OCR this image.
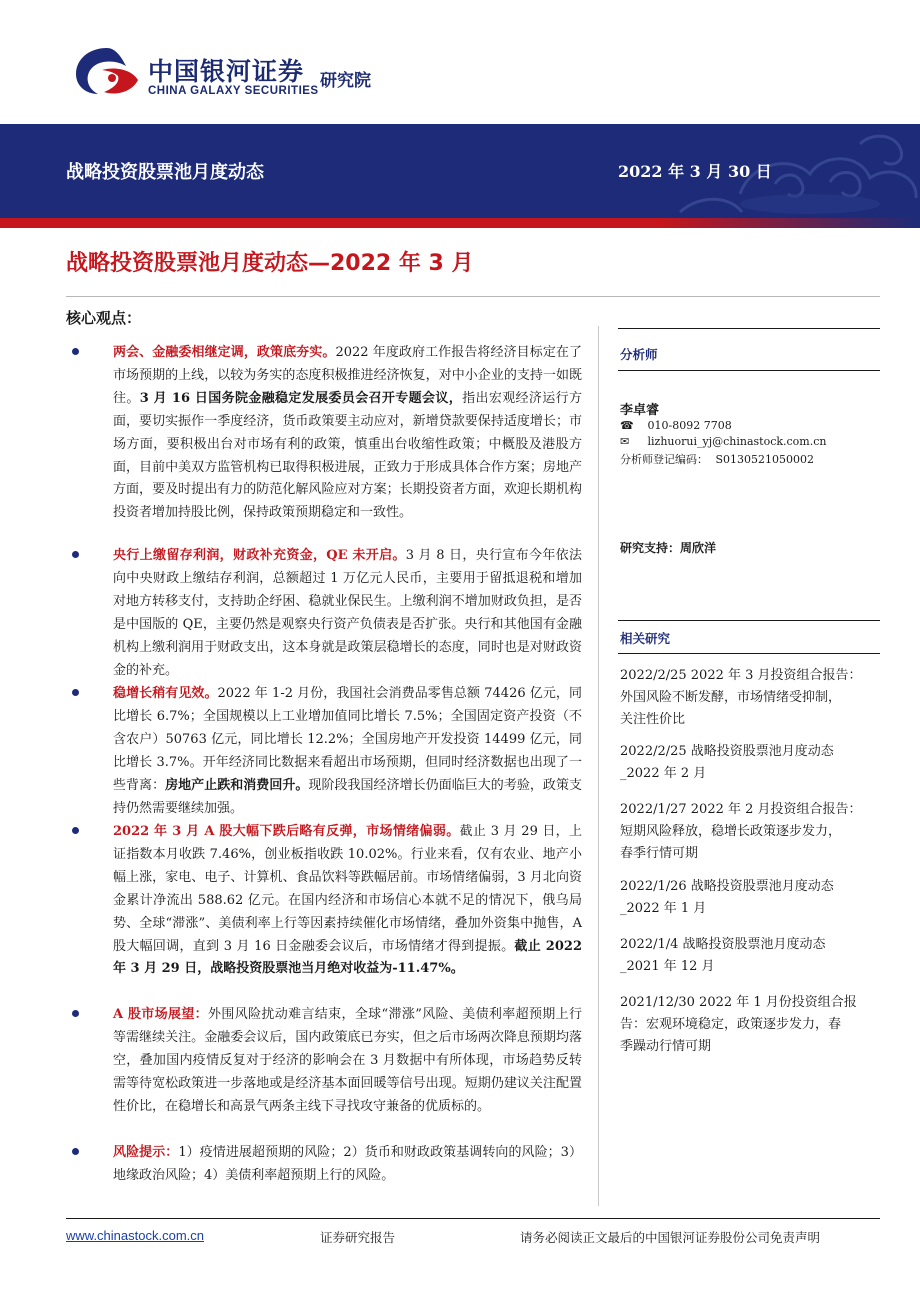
中国银河证券
CHINA GALAXY SECURITIES 研究院
战略投资股票池月度动态	2022 年 3 月 30 日
战略投资股票池月度动态—2022 年 3 月
核心观点：
两会、金融委相继定调，政策底夯实。2022 年度政府工作报告将经济目标定在了市场预期的上线，以较为务实的态度积极推进经济恢复，对中小企业的支持一如既往。3 月 16 日国务院金融稳定发展委员会召开专题会议，指出宏观经济运行方面，要切实振作一季度经济，货币政策要主动应对，新增贷款要保持适度增长；市场方面，要积极出台对市场有利的政策，慎重出台收缩性政策；中概股及港股方面，目前中美双方监管机构已取得积极进展，正致力于形成具体合作方案；房地产方面，要及时提出有力的防范化解风险应对方案；长期投资者方面，欢迎长期机构投资者增加持股比例，保持政策预期稳定和一致性。
央行上缴留存利润，财政补充资金，QE 未开启。3 月 8 日，央行宣布今年依法向中央财政上缴结存利润，总额超过 1 万亿元人民币，主要用于留抵退税和增加对地方转移支付，支持助企纾困、稳就业保民生。上缴利润不增加财政负担，是否是中国版的 QE，主要仍然是观察央行资产负债表是否扩张。央行和其他国有金融机构上缴利润用于财政支出，这本身就是政策层稳增长的态度，同时也是对财政资金的补充。
稳增长稍有见效。2022 年 1-2 月份，我国社会消费品零售总额 74426 亿元，同比增长 6.7%；全国规模以上工业增加值同比增长 7.5%；全国固定资产投资（不含农户）50763 亿元，同比增长 12.2%；全国房地产开发投资 14499 亿元，同比增长 3.7%。开年经济同比数据来看超出市场预期，但同时经济数据也出现了一些背离：房地产止跌和消费回升。现阶段我国经济增长仍面临巨大的考验，政策支持仍然需要继续加强。
2022 年 3 月 A 股大幅下跌后略有反弹，市场情绪偏弱。截止 3 月 29 日，上证指数本月收跌 7.46%，创业板指收跌 10.02%。行业来看，仅有农业、地产小幅上涨，家电、电子、计算机、食品饮料等跌幅居前。市场情绪偏弱，3 月北向资金累计净流出 588.62 亿元。在国内经济和市场信心本就不足的情况下，俄乌局势、全球“滞涨”、美债利率上行等因素持续催化市场情绪，叠加外资集中抛售，A 股大幅回调，直到 3 月 16 日金融委会议后，市场情绪才得到提振。截止 2022 年 3 月 29 日，战略投资股票池当月绝对收益为-11.47%。
A 股市场展望：外围风险扰动难言结束，全球“滞涨”风险、美债利率超预期上行等需继续关注。金融委会议后，国内政策底已夯实，但之后市场两次降息预期均落空，叠加国内疫情反复对于经济的影响会在 3 月数据中有所体现，市场趋势反转需等待宽松政策进一步落地或是经济基本面回暖等信号出现。短期仍建议关注配置性价比，在稳增长和高景气两条主线下寻找攻守兼备的优质标的。
风险提示：1）疫情进展超预期的风险；2）货币和财政政策基调转向的风险；3）地缘政治风险；4）美债利率超预期上行的风险。
分析师
李卓睿
☎ 010-8092 7708
✉ lizhuorui_yj@chinastock.com.cn
分析师登记编码： S0130521050002
研究支持：周欣洋
相关研究
2022/2/25 2022 年 3 月投资组合报告：
外国风险不断发酵，市场情绪受抑制，
关注性价比
2022/2/25 战略投资股票池月度动态
_2022 年 2 月
2022/1/27 2022 年 2 月投资组合报告：
短期风险释放，稳增长政策逐步发力，
春季行情可期
2022/1/26 战略投资股票池月度动态
_2022 年 1 月
2022/1/4 战略投资股票池月度动态
_2021 年 12 月
2021/12/30 2022 年 1 月份投资组合报
告：宏观环境稳定，政策逐步发力，春
季躁动行情可期
www.chinastock.com.cn	证券研究报告	请务必阅读正文最后的中国银河证券股份公司免责声明
